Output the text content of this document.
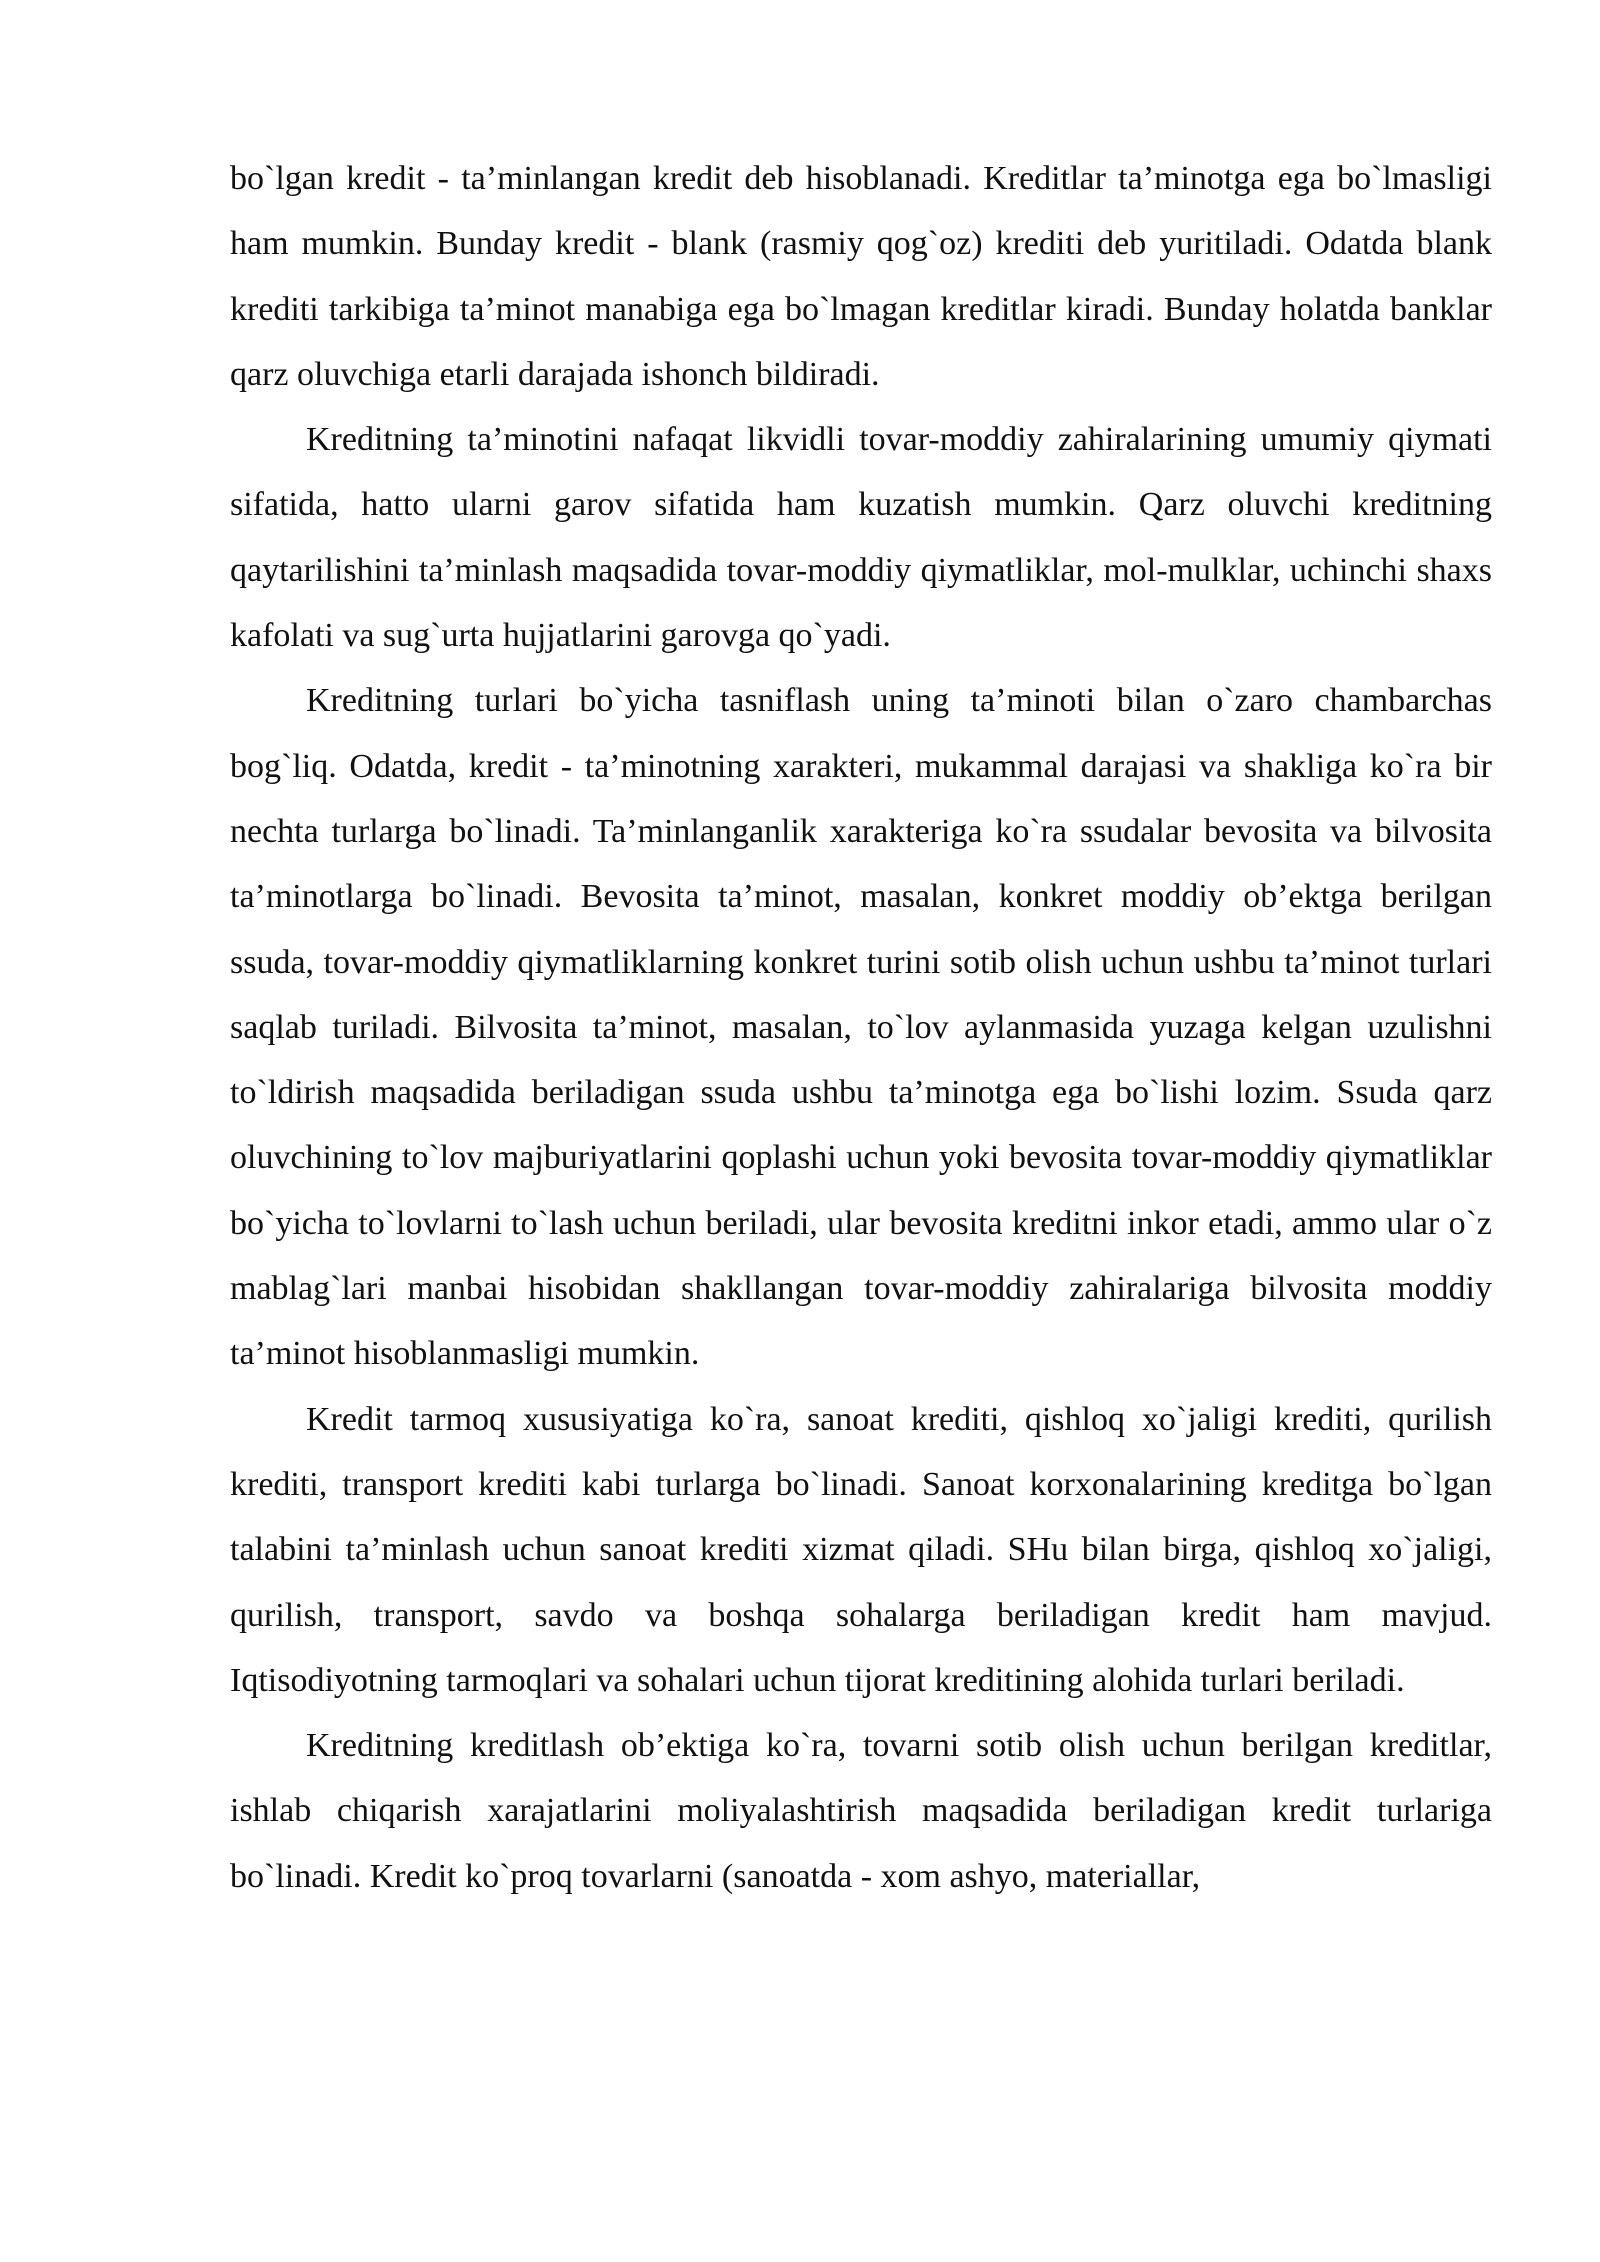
bo`lgan kredit - ta’minlangan kredit deb hisoblanadi. Kreditlar ta’minotga ega bo`lmasligi ham mumkin. Bunday kredit - blank (rasmiy qog`oz) krediti deb yuritiladi. Odatda blank krediti tarkibiga ta’minot manabiga ega bo`lmagan kreditlar kiradi. Bunday holatda banklar qarz oluvchiga etarli darajada ishonch bildiradi.

Kreditning ta’minotini nafaqat likvidli tovar-moddiy zahiralarining umumiy qiymati sifatida, hatto ularni garov sifatida ham kuzatish mumkin. Qarz oluvchi kreditning qaytarilishini ta’minlash maqsadida tovar-moddiy qiymatliklar, mol-mulklar, uchinchi shaxs kafolati va sug`urta hujjatlarini garovga qo`yadi.

Kreditning turlari bo`yicha tasniflash uning ta’minoti bilan o`zaro chambarchas bog`liq. Odatda, kredit - ta’minotning xarakteri, mukammal darajasi va shakliga ko`ra bir nechta turlarga bo`linadi. Ta’minlanganlik xarakteriga ko`ra ssudalar bevosita va bilvosita ta’minotlarga bo`linadi. Bevosita ta’minot, masalan, konkret moddiy ob’ektga berilgan ssuda, tovar-moddiy qiymatliklarning konkret turini sotib olish uchun ushbu ta’minot turlari saqlab turiladi. Bilvosita ta’minot, masalan, to`lov aylanmasida yuzaga kelgan uzulishni to`ldirish maqsadida beriladigan ssuda ushbu ta’minotga ega bo`lishi lozim. Ssuda qarz oluvchining to`lov majburiyatlarini qoplashi uchun yoki bevosita tovar-moddiy qiymatliklar bo`yicha to`lovlarni to`lash uchun beriladi, ular bevosita kreditni inkor etadi, ammo ular o`z mablag`lari manbai hisobidan shakllangan tovar-moddiy zahiralariga bilvosita moddiy ta’minot hisoblanmasligi mumkin.

Kredit tarmoq xususiyatiga ko`ra, sanoat krediti, qishloq xo`jaligi krediti, qurilish krediti, transport krediti kabi turlarga bo`linadi. Sanoat korxonalarining kreditga bo`lgan talabini ta’minlash uchun sanoat krediti xizmat qiladi. SHu bilan birga, qishloq xo`jaligi, qurilish, transport, savdo va boshqa sohalarga beriladigan kredit ham mavjud. Iqtisodiyotning tarmoqlari va sohalari uchun tijorat kreditining alohida turlari beriladi.

Kreditning kreditlash ob’ektiga ko`ra, tovarni sotib olish uchun berilgan kreditlar, ishlab chiqarish xarajatlarini moliyalashtirish maqsadida beriladigan kredit turlariga bo`linadi. Kredit ko`proq tovarlarni (sanoatda - xom ashyo, materiallar,
